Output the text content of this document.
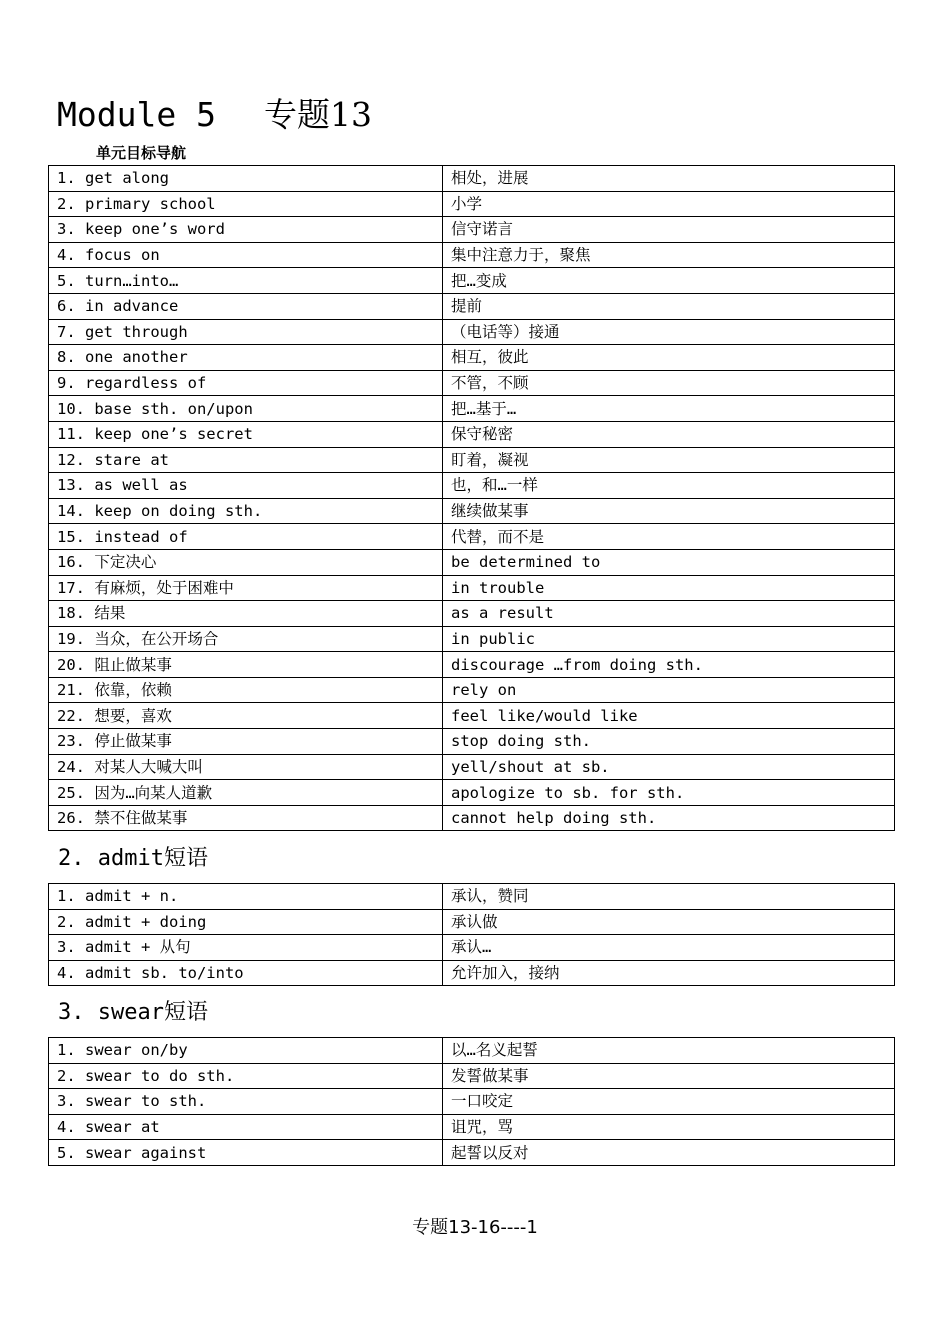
Module 5 专题13
单元目标导航
1. get along	相处，进展
2. primary school	小学
3. keep one’s word	信守诺言
4. focus on	集中注意力于，聚焦
5. turn…into…	把…变成
6. in advance	提前
7. get through	（电话等）接通
8. one another	相互，彼此
9. regardless of	不管，不顾
10. base sth. on/upon	把…基于…
11. keep one’s secret	保守秘密
12. stare at	盯着，凝视
13. as well as	也，和…一样
14. keep on doing sth.	继续做某事
15. instead of	代替，而不是
16. 下定决心	be determined to
17. 有麻烦，处于困难中	in trouble
18. 结果	as a result
19. 当众，在公开场合	in public
20. 阻止做某事	discourage …from doing sth.
21. 依靠，依赖	rely on
22. 想要，喜欢	feel like/would like
23. 停止做某事	stop doing sth.
24. 对某人大喊大叫	yell/shout at sb.
25. 因为…向某人道歉	apologize to sb. for sth.
26. 禁不住做某事	cannot help doing sth.
2. admit短语
1. admit + n.	承认，赞同
2. admit + doing	承认做
3. admit + 从句	承认…
4. admit sb. to/into	允许加入，接纳
3. swear短语
1. swear on/by	以…名义起誓
2. swear to do sth.	发誓做某事
3. swear to sth.	一口咬定
4. swear at	诅咒，骂
5. swear against	起誓以反对
专题13-16----1
